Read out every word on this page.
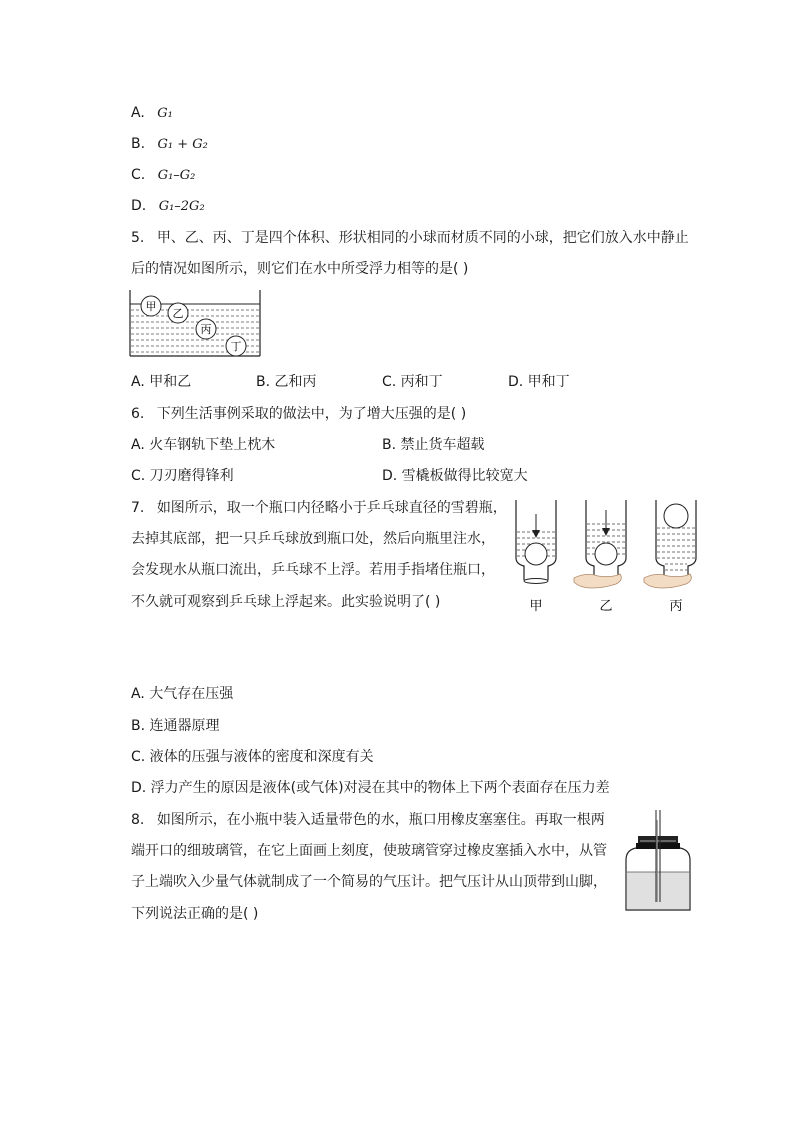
A. G₁
B. G₁ + G₂
C. G₁–G₂
D. G₁–2G₂
5. 甲、乙、丙、丁是四个体积、形状相同的小球而材质不同的小球，把它们放入水中静止
后的情况如图所示，则它们在水中所受浮力相等的是( )
甲
乙
丙
丁
A. 甲和乙	B. 乙和丙	C. 丙和丁	D. 甲和丁
6. 下列生活事例采取的做法中，为了增大压强的是( )
A. 火车钢轨下垫上枕木	B. 禁止货车超载
C. 刀刃磨得锋利	D. 雪橇板做得比较宽大
7. 如图所示，取一个瓶口内径略小于乒乓球直径的雪碧瓶，
去掉其底部，把一只乒乓球放到瓶口处，然后向瓶里注水，
会发现水从瓶口流出，乒乓球不上浮。若用手指堵住瓶口，
不久就可观察到乒乓球上浮起来。此实验说明了( )	甲	乙	丙
A. 大气存在压强
B. 连通器原理
C. 液体的压强与液体的密度和深度有关
D. 浮力产生的原因是液体(或气体)对浸在其中的物体上下两个表面存在压力差
8. 如图所示，在小瓶中装入适量带色的水，瓶口用橡皮塞塞住。再取一根两
端开口的细玻璃管，在它上面画上刻度，使玻璃管穿过橡皮塞插入水中，从管
子上端吹入少量气体就制成了一个简易的气压计。把气压计从山顶带到山脚，
下列说法正确的是( )
